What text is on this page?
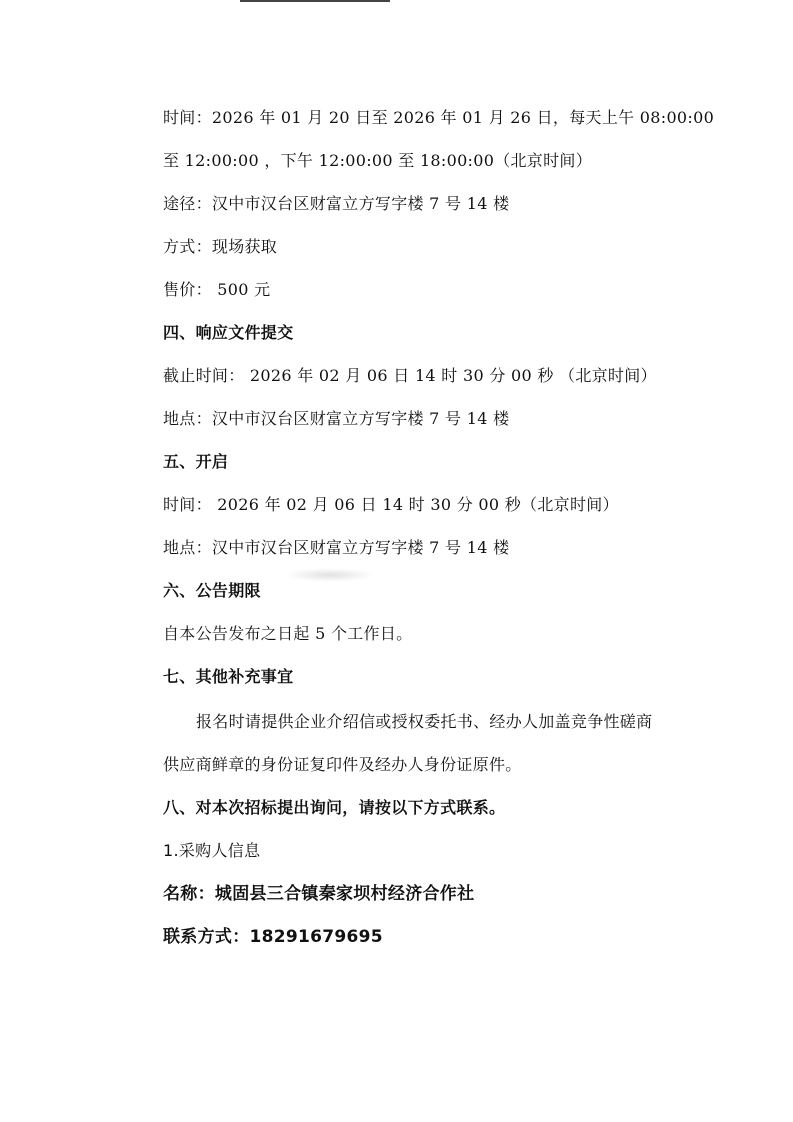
时间：2026 年 01 月 20 日至 2026 年 01 月 26 日，每天上午 08:00:00
至 12:00:00 ，下午 12:00:00 至 18:00:00（北京时间）
途径：汉中市汉台区财富立方写字楼 7 号 14 楼
方式：现场获取
售价： 500 元
四、响应文件提交
截止时间： 2026 年 02 月 06 日 14 时 30 分 00 秒 （北京时间）
地点：汉中市汉台区财富立方写字楼 7 号 14 楼
五、开启
时间： 2026 年 02 月 06 日 14 时 30 分 00 秒（北京时间）
地点：汉中市汉台区财富立方写字楼 7 号 14 楼
六、公告期限
自本公告发布之日起 5 个工作日。
七、其他补充事宜
报名时请提供企业介绍信或授权委托书、经办人加盖竞争性磋商
供应商鲜章的身份证复印件及经办人身份证原件。
八、对本次招标提出询问，请按以下方式联系。
1.采购人信息
名称：城固县三合镇秦家坝村经济合作社
联系方式：18291679695
